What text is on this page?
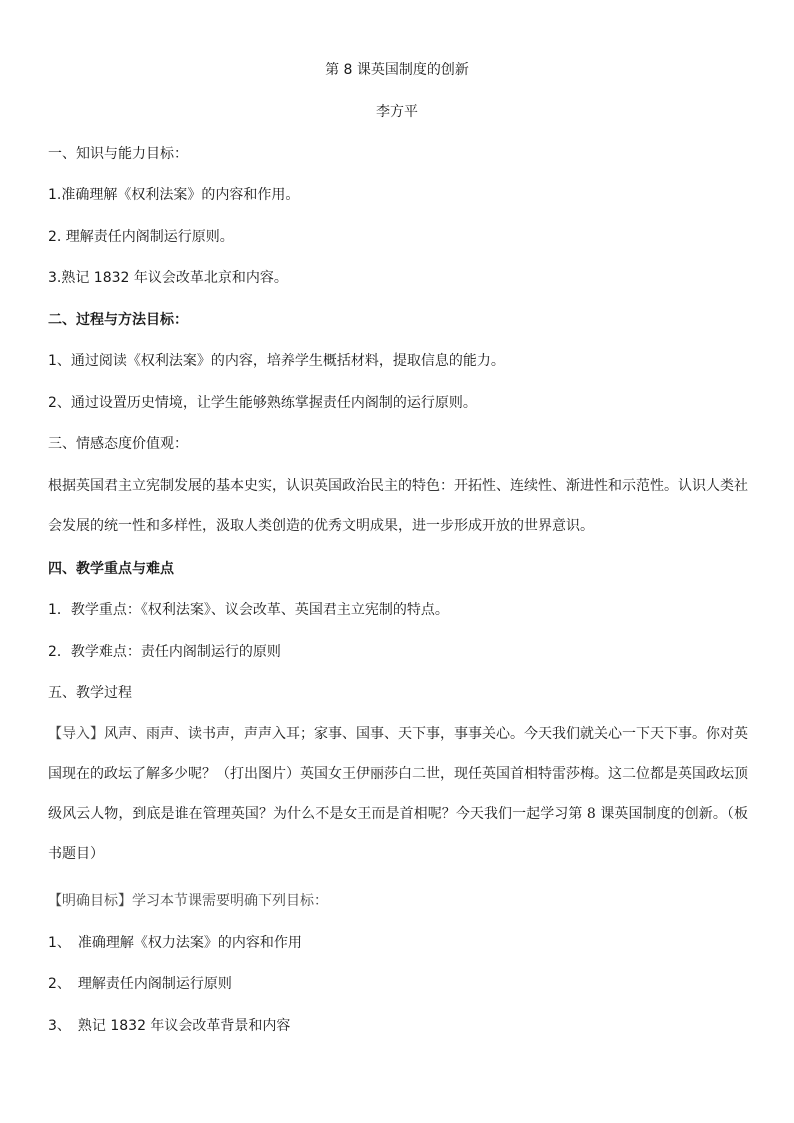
第 8 课英国制度的创新
李方平
一、知识与能力目标：
1.准确理解《权利法案》的内容和作用。
2. 理解责任内阁制运行原则。
3.熟记 1832 年议会改革北京和内容。
二、过程与方法目标：
1、通过阅读《权利法案》的内容，培养学生概括材料，提取信息的能力。
2、通过设置历史情境，让学生能够熟练掌握责任内阁制的运行原则。
三、情感态度价值观：
根据英国君主立宪制发展的基本史实，认识英国政治民主的特色：开拓性、连续性、渐进性和示范性。认识人类社会发展的统一性和多样性，汲取人类创造的优秀文明成果，进一步形成开放的世界意识。
四、教学重点与难点
1．教学重点：《权利法案》、议会改革、英国君主立宪制的特点。
2．教学难点：责任内阁制运行的原则
五、教学过程
【导入】风声、雨声、读书声，声声入耳；家事、国事、天下事，事事关心。今天我们就关心一下天下事。你对英国现在的政坛了解多少呢？（打出图片）英国女王伊丽莎白二世，现任英国首相特雷莎梅。这二位都是英国政坛顶级风云人物，到底是谁在管理英国？为什么不是女王而是首相呢？今天我们一起学习第 8 课英国制度的创新。（板书题目）
【明确目标】学习本节课需要明确下列目标：
1、　准确理解《权力法案》的内容和作用
2、　理解责任内阁制运行原则
3、　熟记 1832 年议会改革背景和内容
